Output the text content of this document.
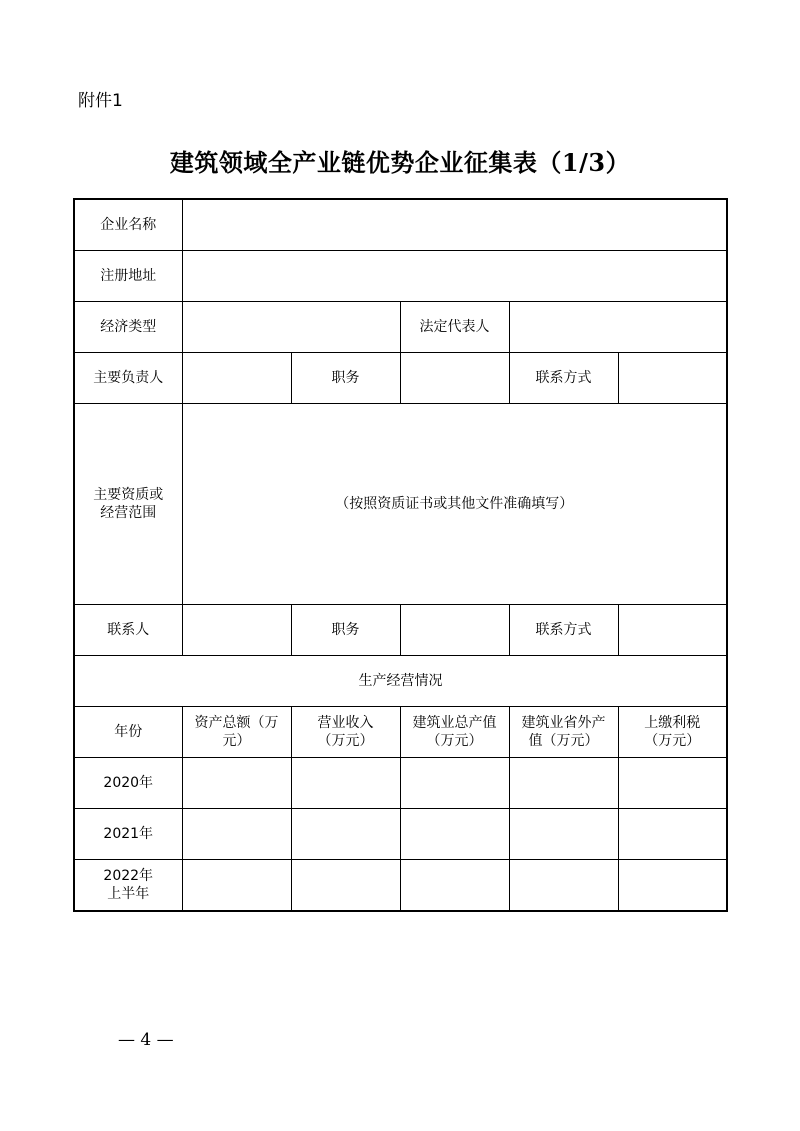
附件1
建筑领域全产业链优势企业征集表（1/3）
企业名称					
注册地址					
经济类型			法定代表人		
主要负责人		职务		联系方式	
主要资质或经营范围	（按照资质证书或其他文件准确填写）				
联系人		职务		联系方式	
生产经营情况					
年份	资产总额（万元）	营业收入（万元）	建筑业总产值（万元）	建筑业省外产值（万元）	上缴利税（万元）
2020年					
2021年					
2022年上半年					
— 4 —
